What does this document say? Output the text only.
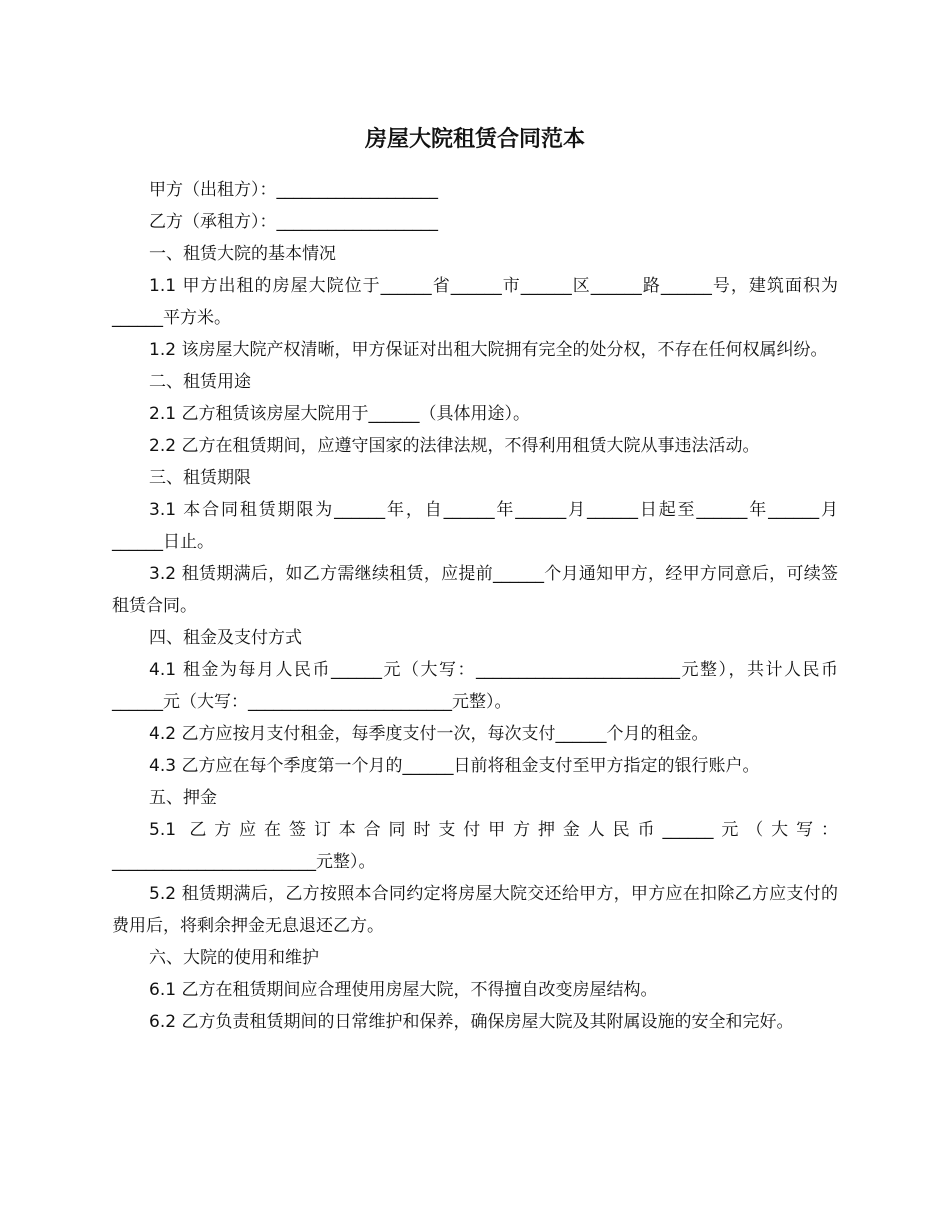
房屋大院租赁合同范本

甲方（出租方）：___________________

乙方（承租方）：___________________

一、租赁大院的基本情况

1.1 甲方出租的房屋大院位于______省______市______区______路______号，建筑面积为______平方米。

1.2 该房屋大院产权清晰，甲方保证对出租大院拥有完全的处分权，不存在任何权属纠纷。

二、租赁用途

2.1 乙方租赁该房屋大院用于______（具体用途）。

2.2 乙方在租赁期间，应遵守国家的法律法规，不得利用租赁大院从事违法活动。

三、租赁期限

3.1 本合同租赁期限为______年，自______年______月______日起至______年______月______日止。

3.2 租赁期满后，如乙方需继续租赁，应提前______个月通知甲方，经甲方同意后，可续签租赁合同。

四、租金及支付方式

4.1 租金为每月人民币______元（大写：________________________元整），共计人民币______元（大写：________________________元整）。

4.2 乙方应按月支付租金，每季度支付一次，每次支付______个月的租金。

4.3 乙方应在每个季度第一个月的______日前将租金支付至甲方指定的银行账户。

五、押金

5.1 乙方应在签订本合同时支付甲方押金人民币______元（大写：________________________元整）。

5.2 租赁期满后，乙方按照本合同约定将房屋大院交还给甲方，甲方应在扣除乙方应支付的费用后，将剩余押金无息退还乙方。

六、大院的使用和维护

6.1 乙方在租赁期间应合理使用房屋大院，不得擅自改变房屋结构。

6.2 乙方负责租赁期间的日常维护和保养，确保房屋大院及其附属设施的安全和完好。
